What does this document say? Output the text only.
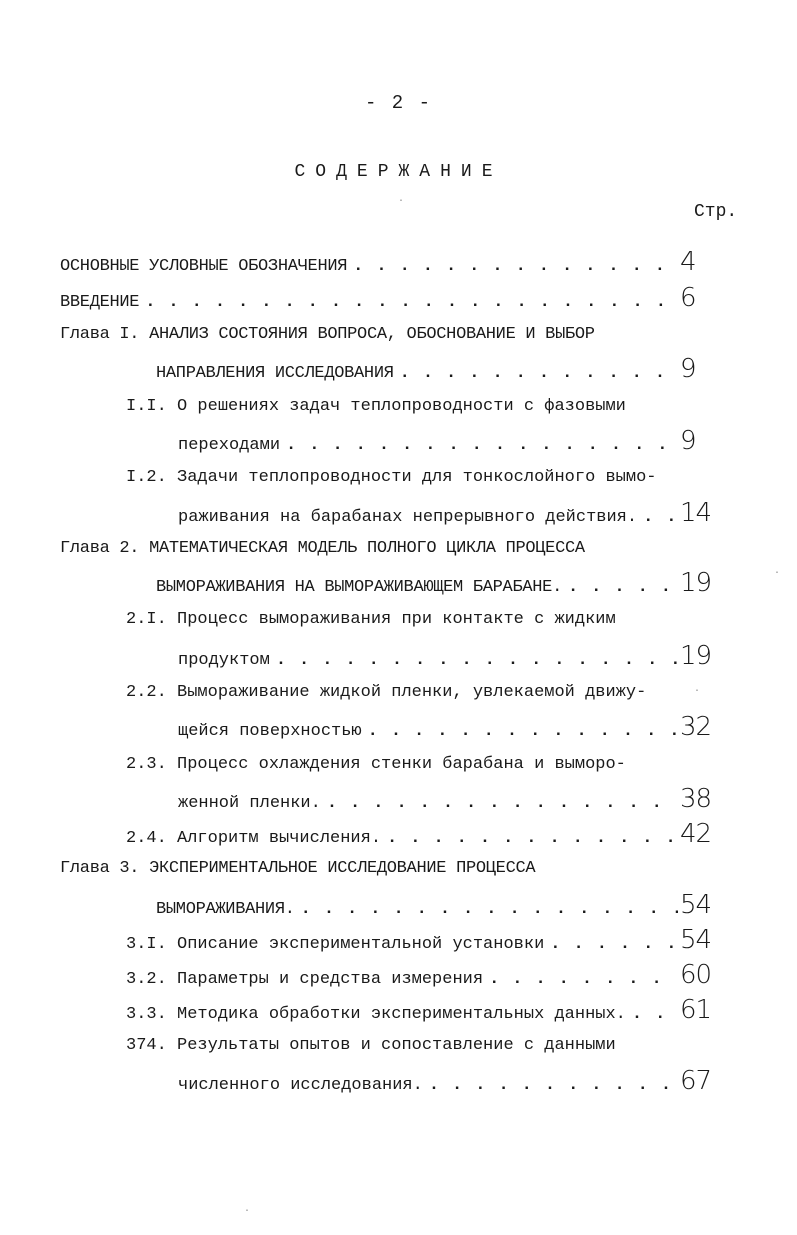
- 2 -
СОДЕРЖАНИЕ
Стр.
ОСНОВНЫЕ УСЛОВНЫЕ ОБОЗНАЧЕНИЯ . . .	4
ВВЕДЕНИЕ . . .	6
Глава I. АНАЛИЗ СОСТОЯНИЯ ВОПРОСА, ОБОСНОВАНИЕ И ВЫБОР
НАПРАВЛЕНИЯ ИССЛЕДОВАНИЯ . . .	9
I.I. О решениях задач теплопроводности с фазовыми
переходами . . .	9
I.2. Задачи теплопроводности для тонкослойного вымо-
раживания на барабанах непрерывного действия. . . . 14
Глава 2. МАТЕМАТИЧЕСКАЯ МОДЕЛЬ ПОЛНОГО ЦИКЛА ПРОЦЕССА
ВЫМОРАЖИВАНИЯ НА ВЫМОРАЖИВАЮЩЕМ БАРАБАНЕ. . . .	19
2.I. Процесс вымораживания при контакте с жидким
продуктом . . .	19
2.2. Вымораживание жидкой пленки, увлекаемой движу-
щейся поверхностью . . .	32
2.3. Процесс охлаждения стенки барабана и выморо-
женной пленки. . . .	38
2.4. Алгоритм вычисления. . . .	42
Глава 3. ЭКСПЕРИМЕНТАЛЬНОЕ ИССЛЕДОВАНИЕ ПРОЦЕССА
ВЫМОРАЖИВАНИЯ. . . .	54
3.I. Описание экспериментальной установки . . .	54
3.2. Параметры и средства измерения . . .	60
3.3. Методика обработки экспериментальных данных. . . . 61
374. Результаты опытов и сопоставление с данными
численного исследования. . . .	67
·
·
·
·
